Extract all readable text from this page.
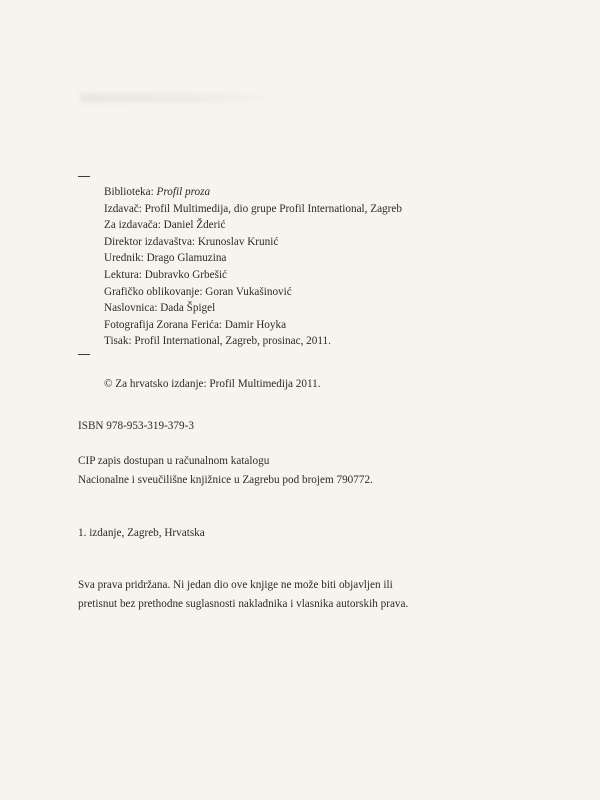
Biblioteka: Profil proza
Izdavač: Profil Multimedija, dio grupe Profil International, Zagreb
Za izdavača: Daniel Žderić
Direktor izdavaštva: Krunoslav Krunić
Urednik: Drago Glamuzina
Lektura: Dubravko Grbešić
Grafičko oblikovanje: Goran Vukašinović
Naslovnica: Dada Špigel
Fotografija Zorana Ferića: Damir Hoyka
Tisak: Profil International, Zagreb, prosinac, 2011.
© Za hrvatsko izdanje: Profil Multimedija 2011.
ISBN 978-953-319-379-3
CIP zapis dostupan u računalnom katalogu
Nacionalne i sveučilišne knjižnice u Zagrebu pod brojem 790772.
1. izdanje, Zagreb, Hrvatska
Sva prava pridržana. Ni jedan dio ove knjige ne može biti objavljen ili
pretisnut bez prethodne suglasnosti nakladnika i vlasnika autorskih prava.
